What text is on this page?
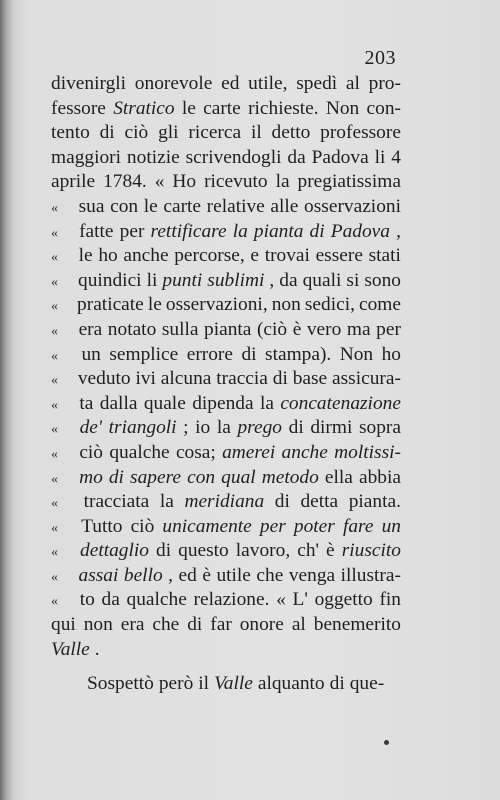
203
divenirgli onorevole ed utile, spedì al pro-
fessore Stratico le carte richieste. Non con-
tento di ciò gli ricerca il detto professore
maggiori notizie scrivendogli da Padova li 4
aprile 1784. « Ho ricevuto la pregiatissima
«	sua con le carte relative alle osservazioni
«	fatte per rettificare la pianta di Padova ,
«	le ho anche percorse, e trovai essere stati
«	quindici li punti sublimi , da quali si sono
« praticate le osservazioni, non sedici, come
«	era notato sulla pianta (ciò è vero ma per
«	un semplice errore di stampa). Non ho
«	veduto ivi alcuna traccia di base assicura-
«	ta dalla quale dipenda la concatenazione
«	de' triangoli ; io la prego di dirmi sopra
«	ciò qualche cosa; amerei anche moltissi-
«	mo di sapere con qual metodo ella abbia
«	tracciata la meridiana di detta pianta.
«	Tutto ciò unicamente per poter fare un
«	dettaglio di questo lavoro, ch' è riuscito
«	assai bello , ed è utile che venga illustra-
«	to da qualche relazione. « L' oggetto fin
qui non era che di far onore al benemerito
Valle .
Sospettò però il Valle alquanto di que-
